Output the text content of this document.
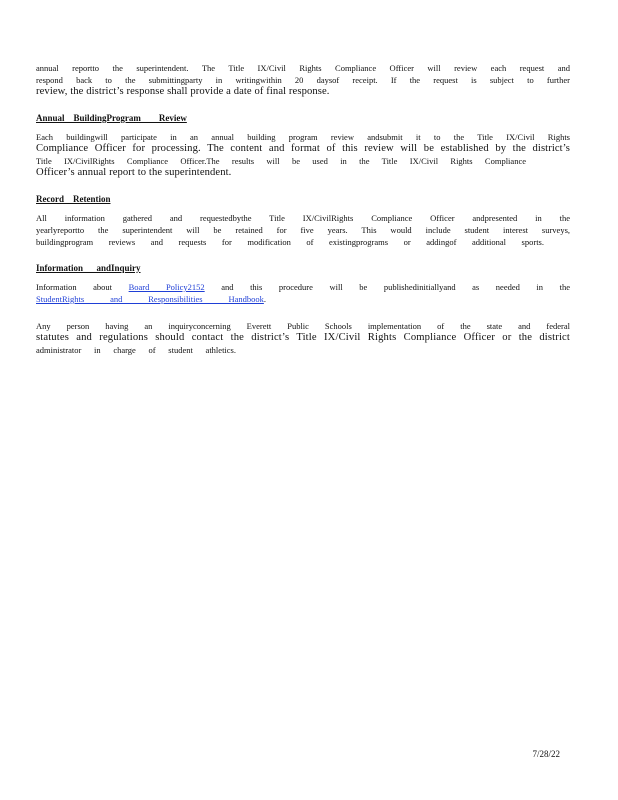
annual reportto the superintendent. The Title IX/Civil Rights Compliance Officer will review each request and
respond back to the submittingparty in writingwithin 20 daysof receipt. If the request is subject to further
review, the district’s response shall provide a date of final response.
Annual    BuildingProgram        Review
Each buildingwill participate in an annual building program review andsubmit it to the Title IX/Civil Rights
Compliance Officer for processing. The content and format of this review will be established by the district’s
Title IX/CivilRights Compliance Officer.The results will be used in the Title IX/Civil Rights Compliance
Officer’s annual report to the superintendent.
Record    Retention
All information gathered and requestedbythe Title IX/CivilRights Compliance Officer andpresented in the
yearlyreportto the superintendent will be retained for five years. This would include student interest surveys,
buildingprogram reviews and requests for modification of existingprograms or addingof additional sports.
Information      andInquiry
Information about Board Policy2152 and this procedure will be publishedinitiallyand as needed in the
StudentRights and Responsibilities Handbook.
Any person having an inquiryconcerning Everett Public Schools implementation of the state and federal
statutes and regulations should contact the district’s Title IX/Civil Rights Compliance Officer or the district
administrator in charge of student athletics.
7/28/22
